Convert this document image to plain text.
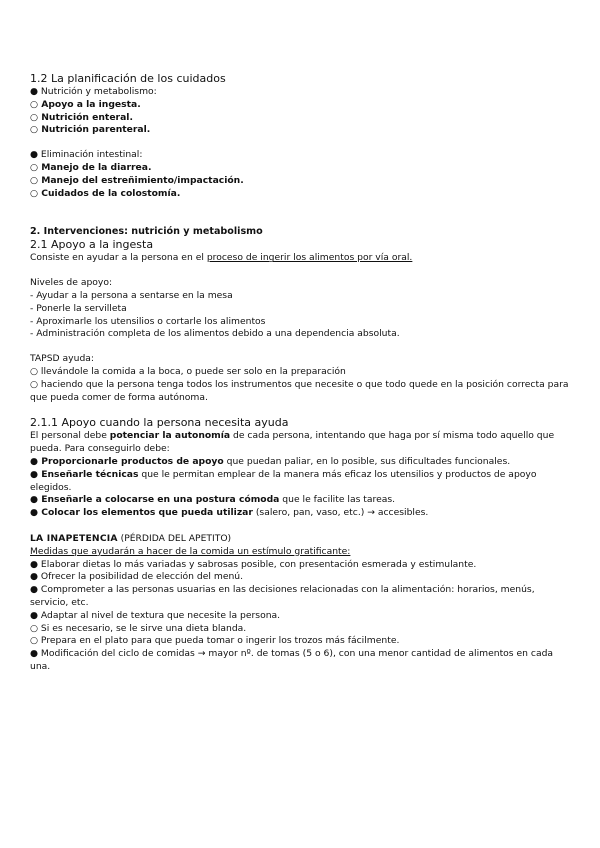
1.2 La planificación de los cuidados
● Nutrición y metabolismo:
○ Apoyo a la ingesta.
○ Nutrición enteral.
○ Nutrición parenteral.
● Eliminación intestinal:
○ Manejo de la diarrea.
○ Manejo del estreñimiento/impactación.
○ Cuidados de la colostomía.
2. Intervenciones: nutrición y metabolismo
2.1 Apoyo a la ingesta
Consiste en ayudar a la persona en el proceso de ingerir los alimentos por vía oral.
Niveles de apoyo:
- Ayudar a la persona a sentarse en la mesa
- Ponerle la servilleta
- Aproximarle los utensilios o cortarle los alimentos
- Administración completa de los alimentos debido a una dependencia absoluta.
TAPSD ayuda:
○ llevándole la comida a la boca, o puede ser solo en la preparación
○ haciendo que la persona tenga todos los instrumentos que necesite o que todo quede en la posición correcta para que pueda comer de forma autónoma.
2.1.1 Apoyo cuando la persona necesita ayuda
El personal debe potenciar la autonomía de cada persona, intentando que haga por sí misma todo aquello que pueda. Para conseguirlo debe:
● Proporcionarle productos de apoyo que puedan paliar, en lo posible, sus dificultades funcionales.
● Enseñarle técnicas que le permitan emplear de la manera más eficaz los utensilios y productos de apoyo elegidos.
● Enseñarle a colocarse en una postura cómoda que le facilite las tareas.
● Colocar los elementos que pueda utilizar (salero, pan, vaso, etc.) → accesibles.
LA INAPETENCIA (PÉRDIDA DEL APETITO)
Medidas que ayudarán a hacer de la comida un estímulo gratificante:
● Elaborar dietas lo más variadas y sabrosas posible, con presentación esmerada y estimulante.
● Ofrecer la posibilidad de elección del menú.
● Comprometer a las personas usuarias en las decisiones relacionadas con la alimentación: horarios, menús, servicio, etc.
● Adaptar al nivel de textura que necesite la persona.
○ Si es necesario, se le sirve una dieta blanda.
○ Prepara en el plato para que pueda tomar o ingerir los trozos más fácilmente.
● Modificación del ciclo de comidas → mayor nº. de tomas (5 o 6), con una menor cantidad de alimentos en cada una.
